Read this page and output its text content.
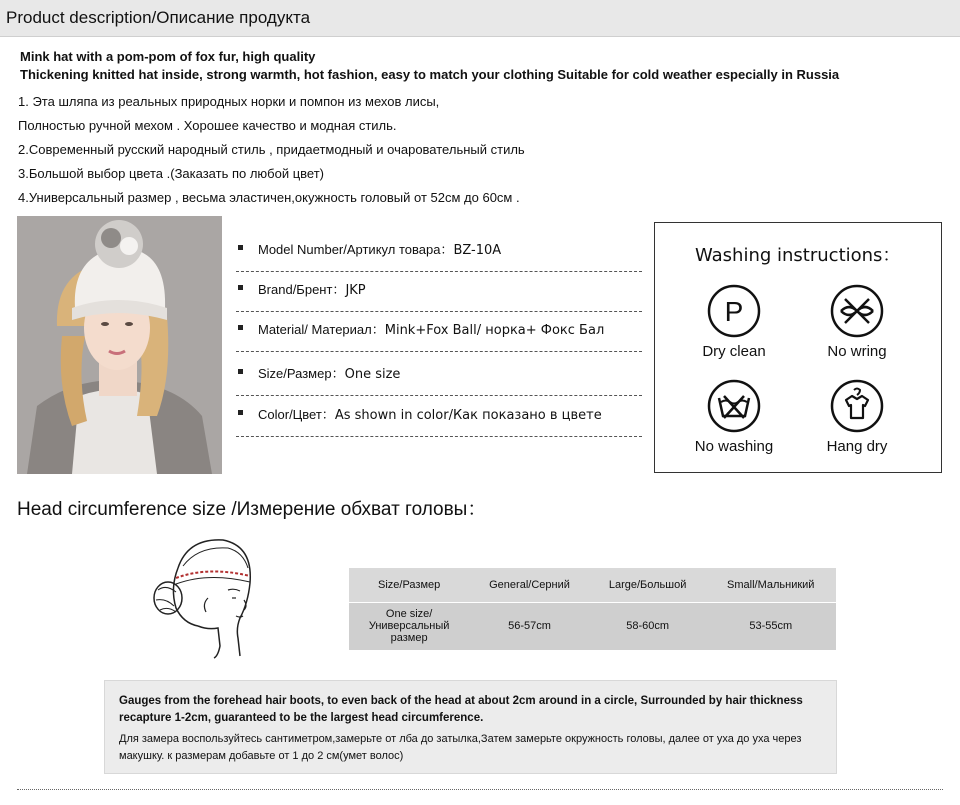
Product description/Описание продукта
Mink hat with a pom-pom of fox fur, high quality
Thickening knitted hat inside, strong warmth, hot fashion, easy to match your clothing Suitable for cold weather especially in Russia
1. Эта шляпа из реальных природных норки и помпон из мехов лисы,
Полностью ручной мехом . Хорошее качество и модная стиль.
2.Современный русский народный стиль , придаетмодный и очаровательный стиль
3.Большой выбор цвета .(Заказать по любой цвет)
4.Универсальный размер , весьма эластичен,окужность головый от 52см до 60см .
Model Number/Артикул товара：BZ-10A
Brand/Брент：JKP
Material/ Материал：Mink+Fox Ball/ норка+ Фокс Бал
Size/Размер：One size
Color/Цвет：As shown in color/Как показано в цвете
Washing instructions：
P
Dry clean	No wring
No washing	Hang dry
Head circumference size /Измерение обхват головы：
Size/Размер	General/Серний	Large/Большой	Small/Мальникий

One size/
Универсальный
размер	56-57cm	58-60cm	53-55cm
Gauges from the forehead hair boots, to even back of the head at about 2cm around in a circle, Surrounded by hair thickness recapture 1-2cm, guaranteed to be the largest head circumference.
Для замера воспользуйтесь сантиметром,замерьте от лба до затылка,Затем замерьте окружность головы, далее от уха до уха через макушку. к размерам добавьте от 1 до 2 см(умет волос)
